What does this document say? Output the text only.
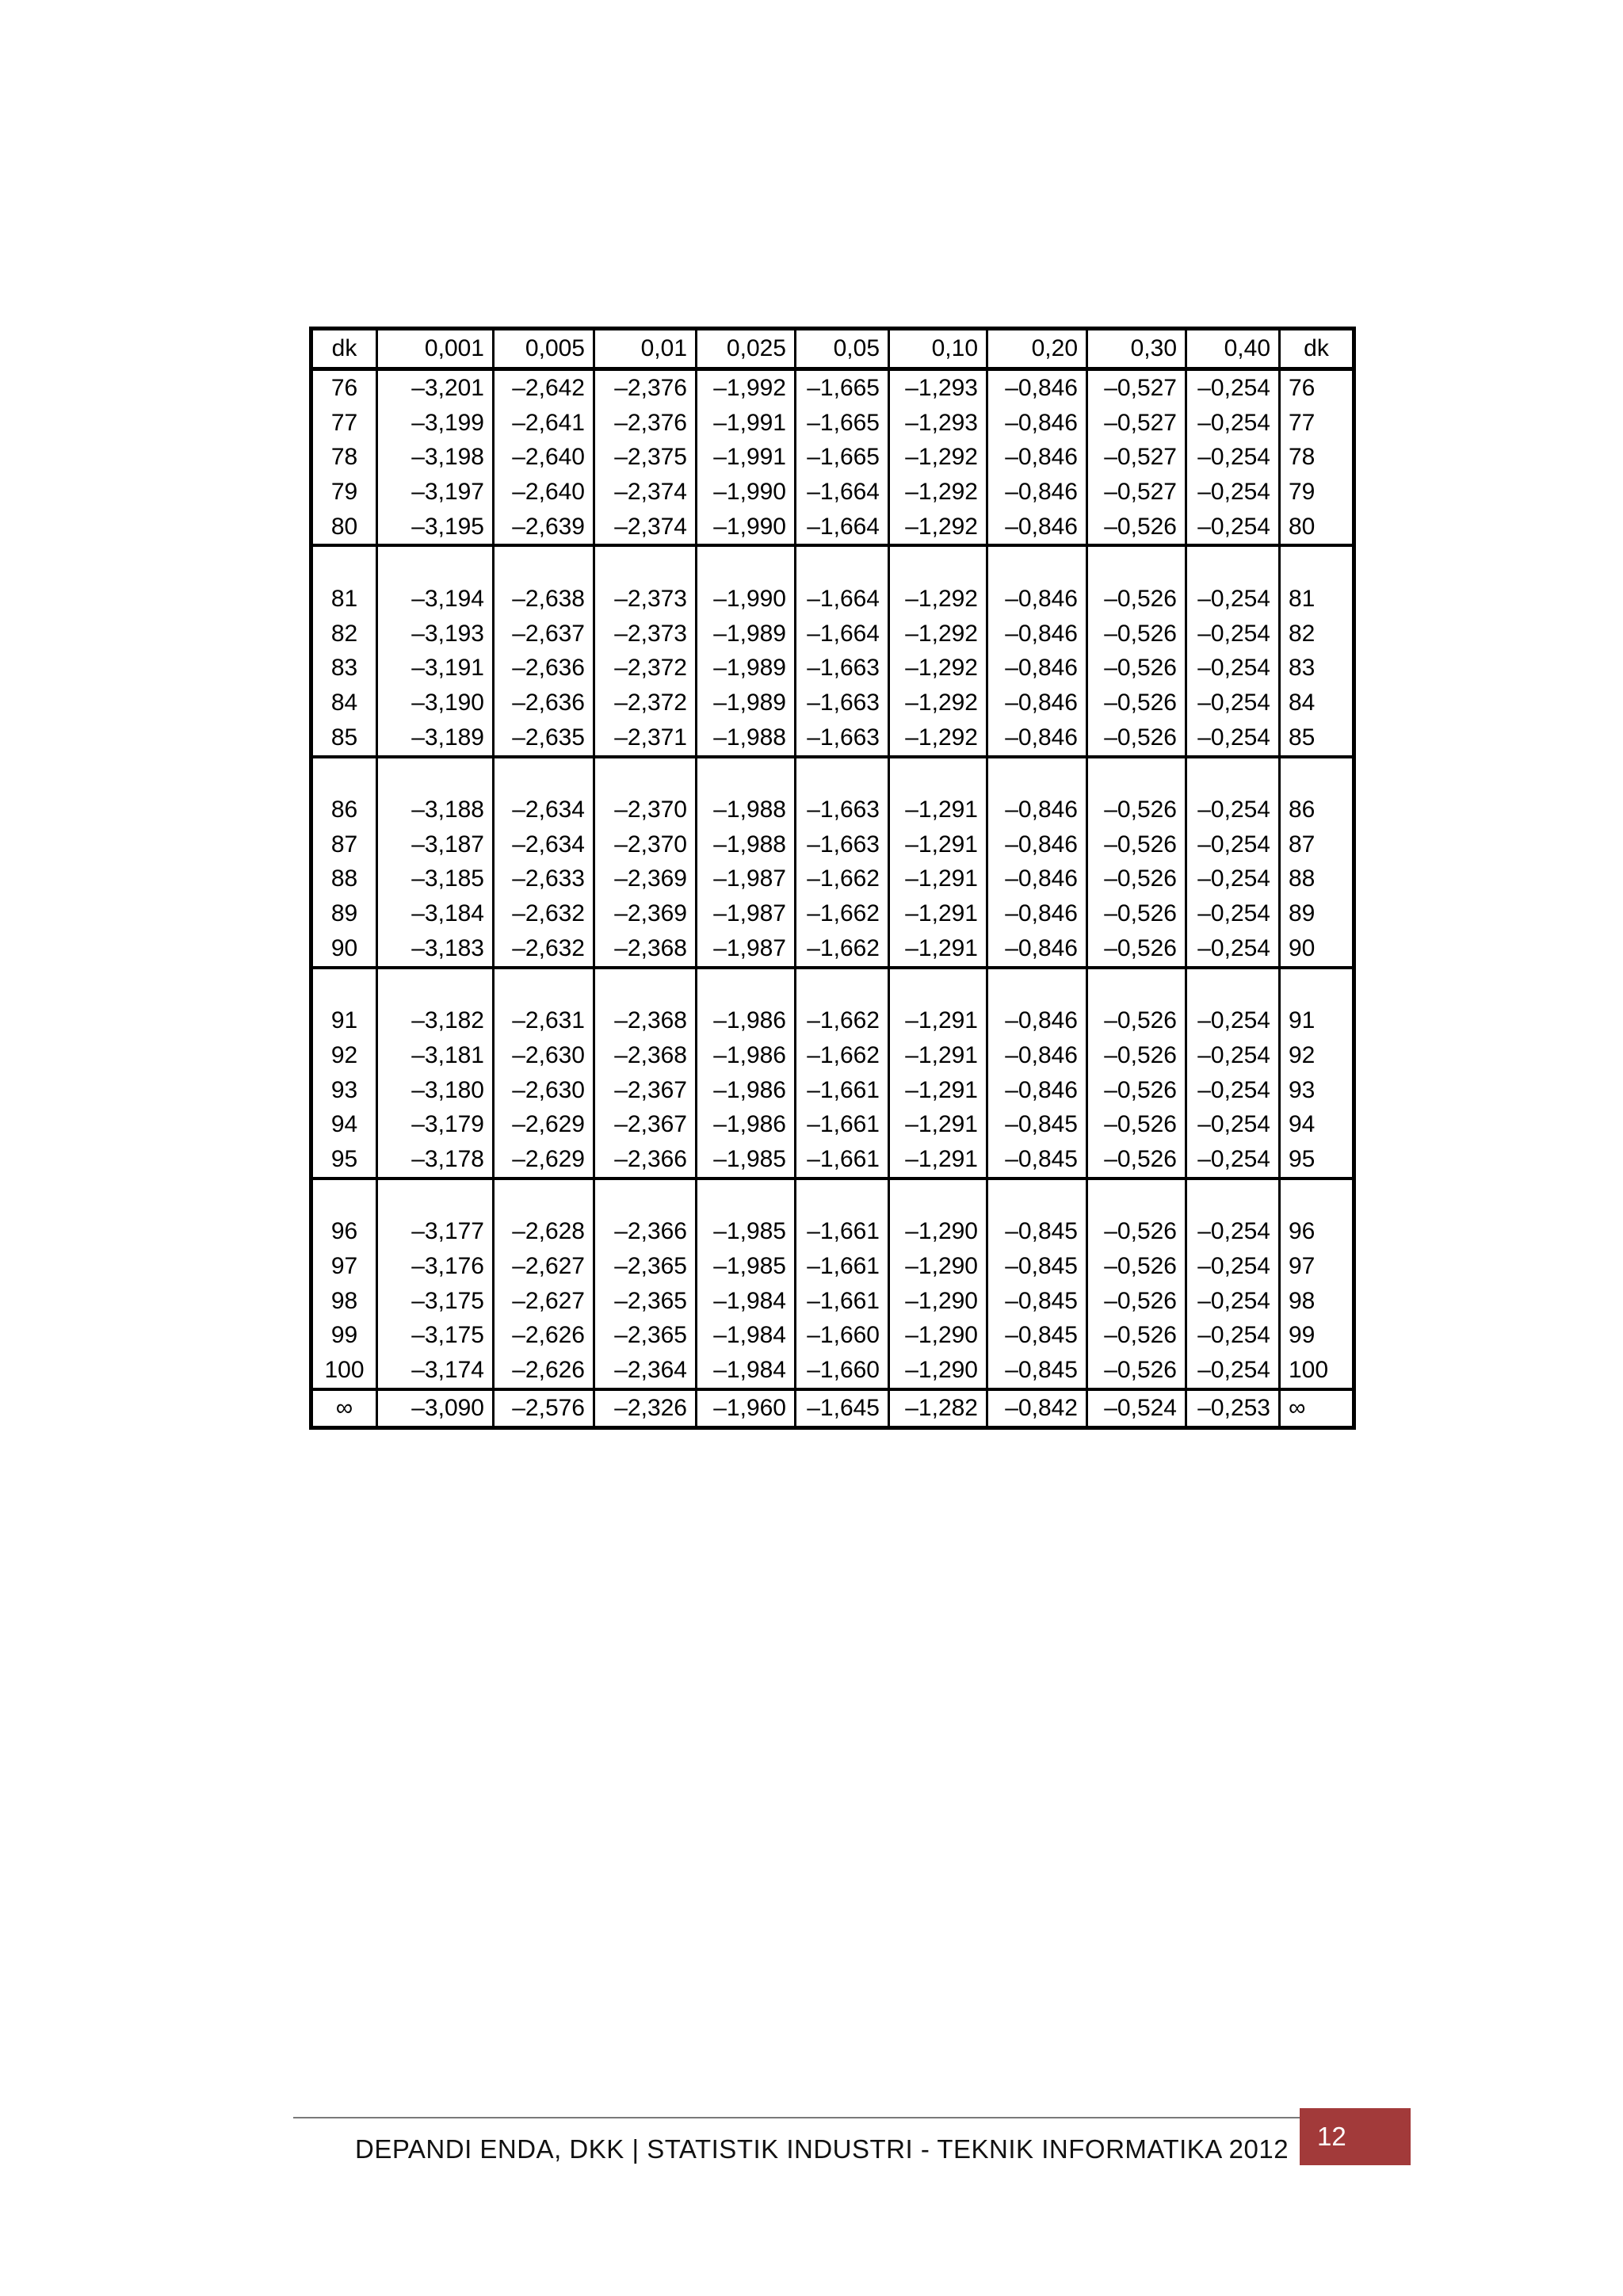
dk	0,001	0,005	0,01	0,025	0,05	0,10	0,20	0,30	0,40	dk
76	–3,201	–2,642	–2,376	–1,992	–1,665	–1,293	–0,846	–0,527	–0,254	76
77	–3,199	–2,641	–2,376	–1,991	–1,665	–1,293	–0,846	–0,527	–0,254	77
78	–3,198	–2,640	–2,375	–1,991	–1,665	–1,292	–0,846	–0,527	–0,254	78
79	–3,197	–2,640	–2,374	–1,990	–1,664	–1,292	–0,846	–0,527	–0,254	79
80	–3,195	–2,639	–2,374	–1,990	–1,664	–1,292	–0,846	–0,526	–0,254	80

81	–3,194	–2,638	–2,373	–1,990	–1,664	–1,292	–0,846	–0,526	–0,254	81
82	–3,193	–2,637	–2,373	–1,989	–1,664	–1,292	–0,846	–0,526	–0,254	82
83	–3,191	–2,636	–2,372	–1,989	–1,663	–1,292	–0,846	–0,526	–0,254	83
84	–3,190	–2,636	–2,372	–1,989	–1,663	–1,292	–0,846	–0,526	–0,254	84
85	–3,189	–2,635	–2,371	–1,988	–1,663	–1,292	–0,846	–0,526	–0,254	85

86	–3,188	–2,634	–2,370	–1,988	–1,663	–1,291	–0,846	–0,526	–0,254	86
87	–3,187	–2,634	–2,370	–1,988	–1,663	–1,291	–0,846	–0,526	–0,254	87
88	–3,185	–2,633	–2,369	–1,987	–1,662	–1,291	–0,846	–0,526	–0,254	88
89	–3,184	–2,632	–2,369	–1,987	–1,662	–1,291	–0,846	–0,526	–0,254	89
90	–3,183	–2,632	–2,368	–1,987	–1,662	–1,291	–0,846	–0,526	–0,254	90

91	–3,182	–2,631	–2,368	–1,986	–1,662	–1,291	–0,846	–0,526	–0,254	91
92	–3,181	–2,630	–2,368	–1,986	–1,662	–1,291	–0,846	–0,526	–0,254	92
93	–3,180	–2,630	–2,367	–1,986	–1,661	–1,291	–0,846	–0,526	–0,254	93
94	–3,179	–2,629	–2,367	–1,986	–1,661	–1,291	–0,845	–0,526	–0,254	94
95	–3,178	–2,629	–2,366	–1,985	–1,661	–1,291	–0,845	–0,526	–0,254	95

96	–3,177	–2,628	–2,366	–1,985	–1,661	–1,290	–0,845	–0,526	–0,254	96
97	–3,176	–2,627	–2,365	–1,985	–1,661	–1,290	–0,845	–0,526	–0,254	97
98	–3,175	–2,627	–2,365	–1,984	–1,661	–1,290	–0,845	–0,526	–0,254	98
99	–3,175	–2,626	–2,365	–1,984	–1,660	–1,290	–0,845	–0,526	–0,254	99
100	–3,174	–2,626	–2,364	–1,984	–1,660	–1,290	–0,845	–0,526	–0,254	100
∞	–3,090	–2,576	–2,326	–1,960	–1,645	–1,282	–0,842	–0,524	–0,253	∞
DEPANDI ENDA, DKK | STATISTIK INDUSTRI - TEKNIK INFORMATIKA 2012	12
